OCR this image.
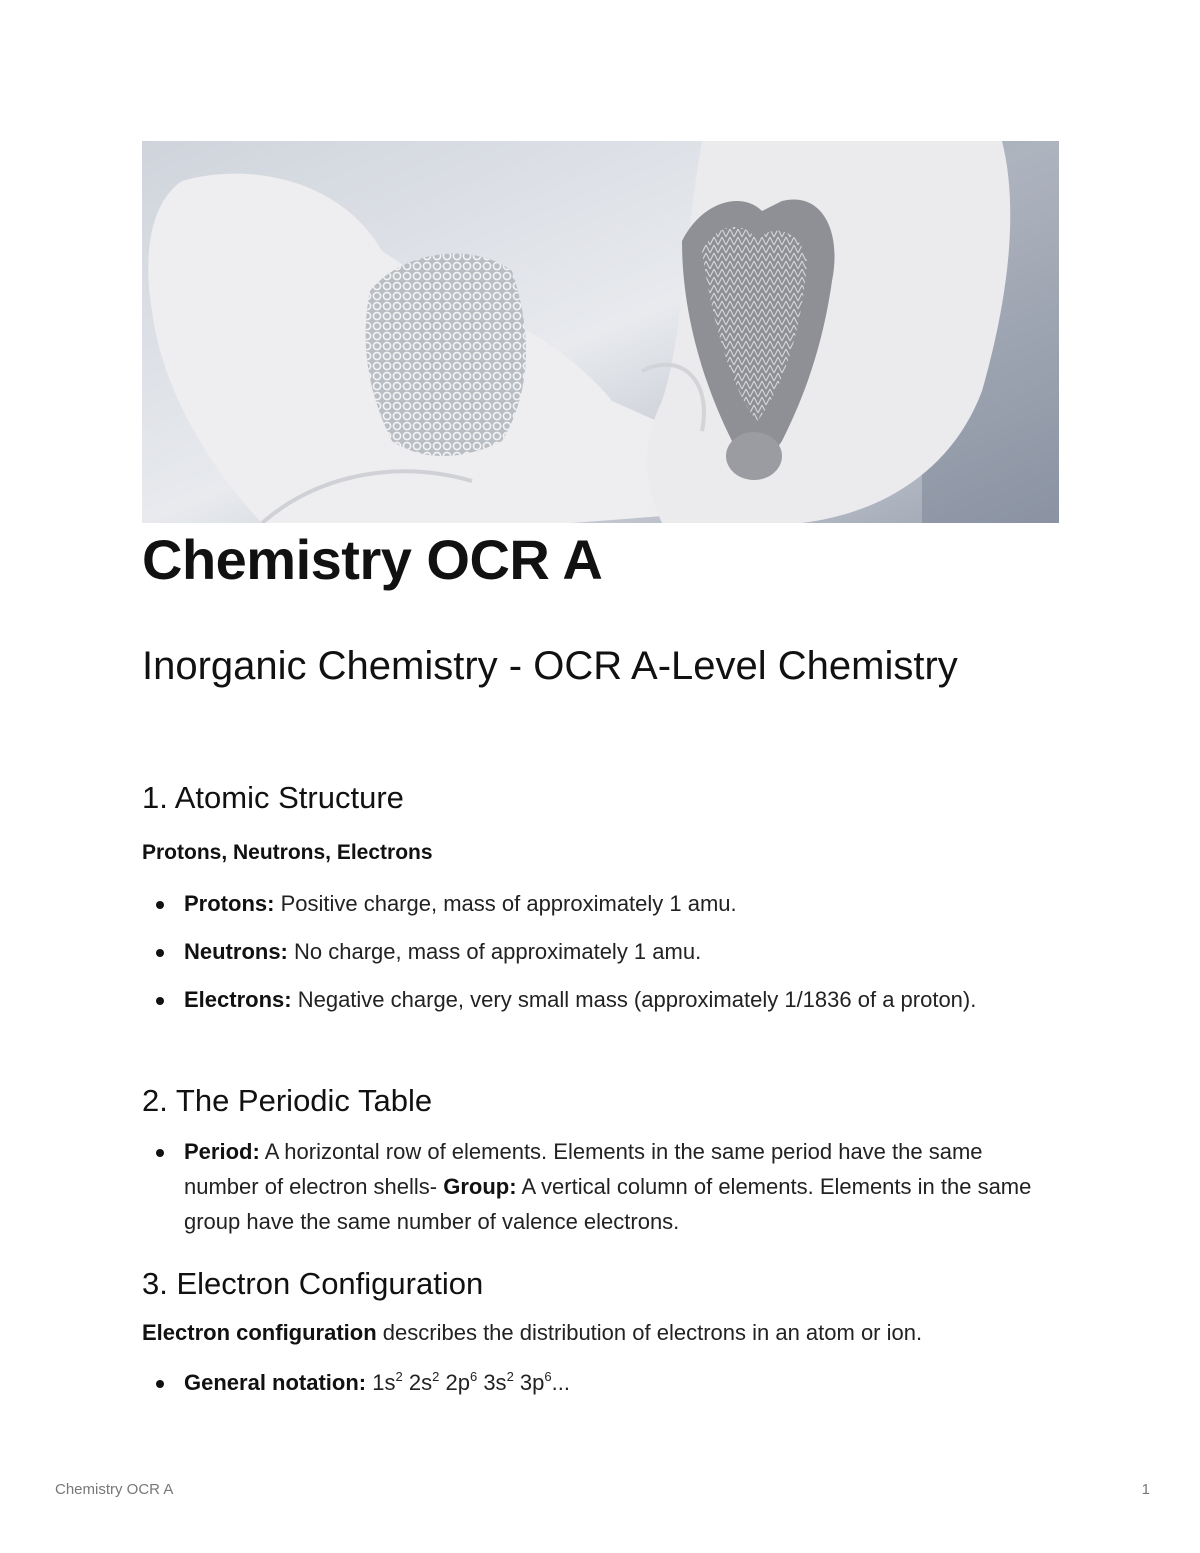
Chemistry OCR A
Inorganic Chemistry - OCR A-Level Chemistry
1. Atomic Structure
Protons, Neutrons, Electrons
Protons: Positive charge, mass of approximately 1 amu.
Neutrons: No charge, mass of approximately 1 amu.
Electrons: Negative charge, very small mass (approximately 1/1836 of a proton).
2. The Periodic Table
Period: A horizontal row of elements. Elements in the same period have the same number of electron shells- Group: A vertical column of elements. Elements in the same group have the same number of valence electrons.
3. Electron Configuration

Electron configuration describes the distribution of electrons in an atom or ion.

General notation: $1s^2$ $2s^2$ $2p^6$ $3s^2$ $3p^6$...
Chemistry OCR A	1
